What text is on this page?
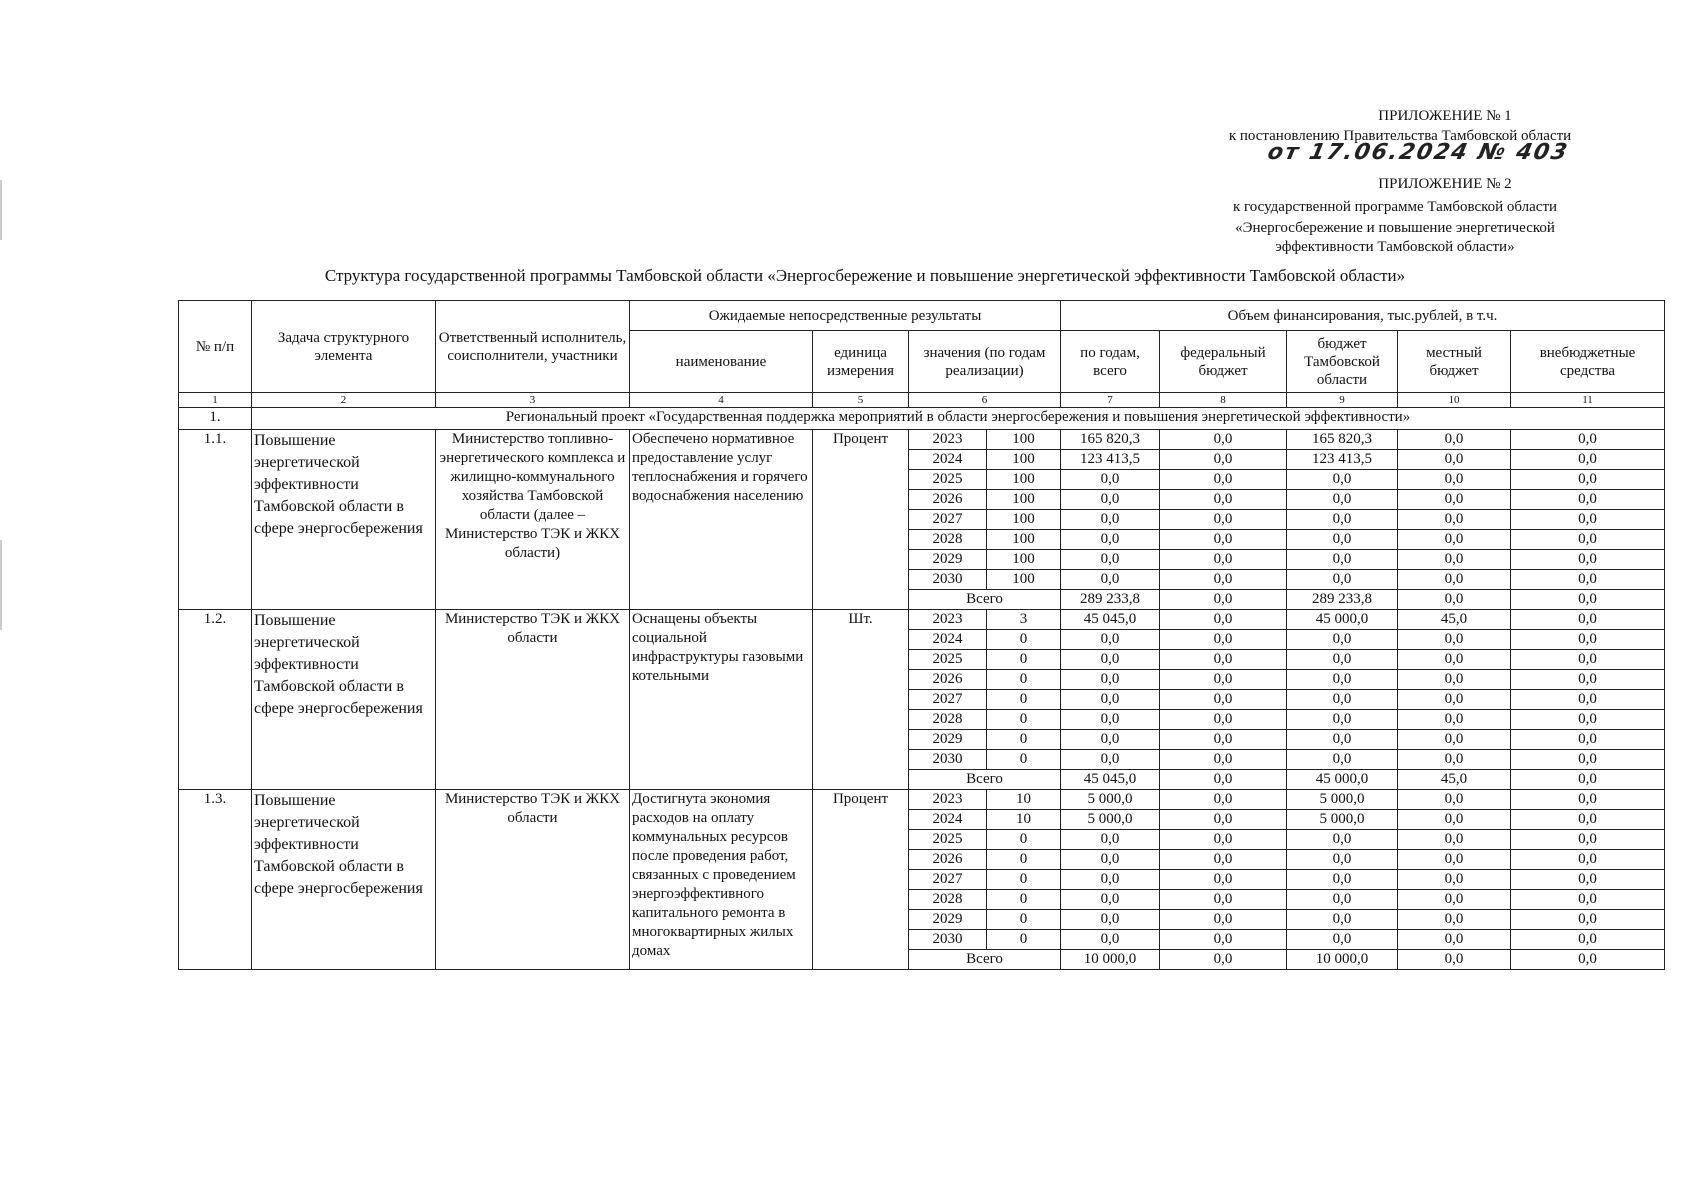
ПРИЛОЖЕНИЕ № 1
к постановлению Правительства Тамбовской области
от 17.06.2024 № 403
ПРИЛОЖЕНИЕ № 2
к государственной программе Тамбовской области
«Энергосбережение и повышение энергетической
эффективности Тамбовской области»
Структура государственной программы Тамбовской области «Энергосбережение и повышение энергетической эффективности Тамбовской области»
№ п/п	Задача структурного элемента	Ответственный исполнитель, соисполнители, участники	Ожидаемые непосредственные результаты				Объем финансирования, тыс.рублей, в т.ч.				
			наименование	единица измерения	значения (по годам реализации)		по годам, всего	федеральный бюджет	бюджет Тамбовской области	местный бюджет	внебюджетные средства
1	2	3	4	5	6		7	8	9	10	11
1.	Региональный проект «Государственная поддержка мероприятий в области энергосбережения и повышения энергетической эффективности»										
1.1.	Повышение энергетической эффективности Тамбовской области в сфере энергосбережения	Министерство топливно-энергетического комплекса и жилищно-коммунального хозяйства Тамбовской области (далее – Министерство ТЭК и ЖКХ области)	Обеспечено нормативное предоставление услуг теплоснабжения и горячего водоснабжения населению	Процент	2023	100	165 820,3	0,0	165 820,3	0,0	0,0
					2024	100	123 413,5	0,0	123 413,5	0,0	0,0
					2025	100	0,0	0,0	0,0	0,0	0,0
					2026	100	0,0	0,0	0,0	0,0	0,0
					2027	100	0,0	0,0	0,0	0,0	0,0
					2028	100	0,0	0,0	0,0	0,0	0,0
					2029	100	0,0	0,0	0,0	0,0	0,0
					2030	100	0,0	0,0	0,0	0,0	0,0
					Всего		289 233,8	0,0	289 233,8	0,0	0,0
1.2.	Повышение энергетической эффективности Тамбовской области в сфере энергосбережения	Министерство ТЭК и ЖКХ области	Оснащены объекты социальной инфраструктуры газовыми котельными	Шт.	2023	3	45 045,0	0,0	45 000,0	45,0	0,0
					2024	0	0,0	0,0	0,0	0,0	0,0
					2025	0	0,0	0,0	0,0	0,0	0,0
					2026	0	0,0	0,0	0,0	0,0	0,0
					2027	0	0,0	0,0	0,0	0,0	0,0
					2028	0	0,0	0,0	0,0	0,0	0,0
					2029	0	0,0	0,0	0,0	0,0	0,0
					2030	0	0,0	0,0	0,0	0,0	0,0
					Всего		45 045,0	0,0	45 000,0	45,0	0,0
1.3.	Повышение энергетической эффективности Тамбовской области в сфере энергосбережения	Министерство ТЭК и ЖКХ области	Достигнута экономия расходов на оплату коммунальных ресурсов после проведения работ, связанных с проведением энергоэффективного капитального ремонта в многоквартирных жилых домах	Процент	2023	10	5 000,0	0,0	5 000,0	0,0	0,0
					2024	10	5 000,0	0,0	5 000,0	0,0	0,0
					2025	0	0,0	0,0	0,0	0,0	0,0
					2026	0	0,0	0,0	0,0	0,0	0,0
					2027	0	0,0	0,0	0,0	0,0	0,0
					2028	0	0,0	0,0	0,0	0,0	0,0
					2029	0	0,0	0,0	0,0	0,0	0,0
					2030	0	0,0	0,0	0,0	0,0	0,0
					Всего		10 000,0	0,0	10 000,0	0,0	0,0
